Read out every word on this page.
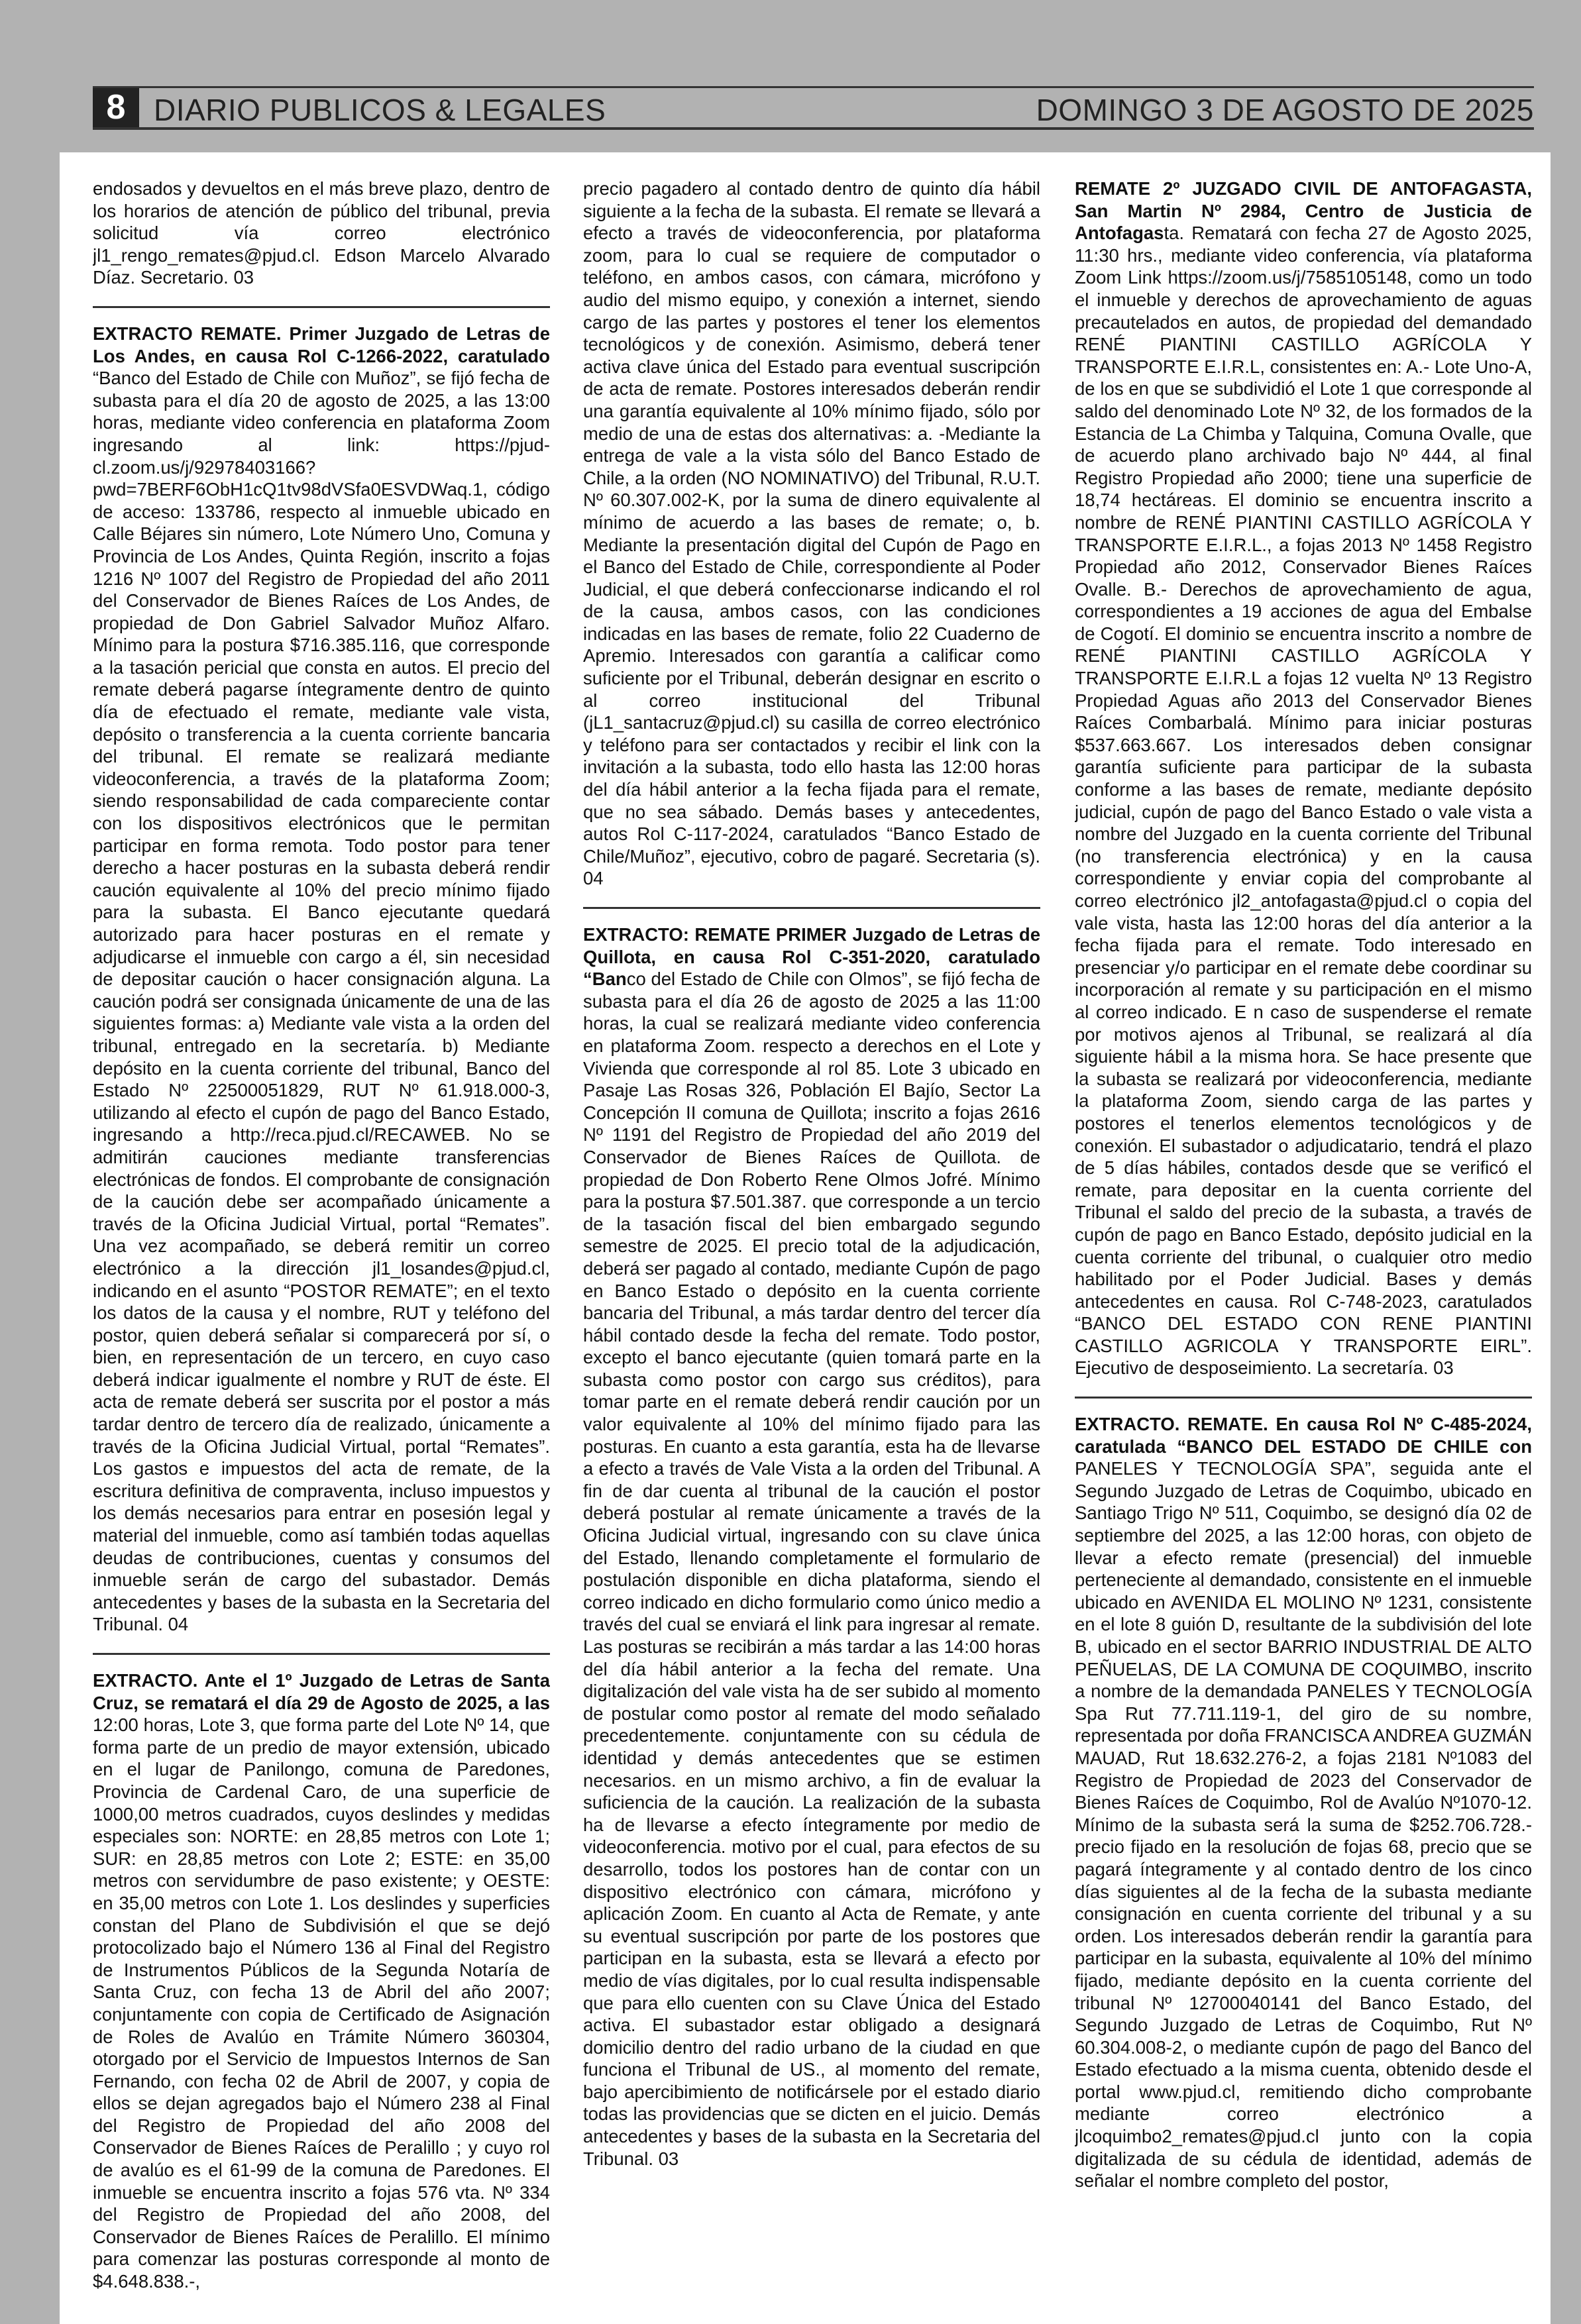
8 DIARIO PUBLICOS & LEGALES	DOMINGO 3 DE AGOSTO DE 2025

endosados y devueltos en el más breve plazo, dentro de los horarios de atención de público del tribunal, previa solicitud vía correo electrónico jl1_rengo_remates@pjud.cl. Edson Marcelo Alvarado Díaz. Secretario. 03

EXTRACTO REMATE. Primer Juzgado de Letras de Los Andes, en causa Rol C-1266-2022, caratulado “Banco del Estado de Chile con Muñoz”, se fijó fecha de subasta para el día 20 de agosto de 2025, a las 13:00 horas, mediante video conferencia en plataforma Zoom ingresando al link: https://pjud-cl.zoom.us/j/92978403166?pwd=7BERF6ObH1cQ1tv98dVSfa0ESVDWaq.1, código de acceso: 133786, respecto al inmueble ubicado en Calle Béjares sin número, Lote Número Uno, Comuna y Provincia de Los Andes, Quinta Región, inscrito a fojas 1216 Nº 1007 del Registro de Propiedad del año 2011 del Conservador de Bienes Raíces de Los Andes, de propiedad de Don Gabriel Salvador Muñoz Alfaro. Mínimo para la postura $716.385.116, que corresponde a la tasación pericial que consta en autos. El precio del remate deberá pagarse íntegramente dentro de quinto día de efectuado el remate, mediante vale vista, depósito o transferencia a la cuenta corriente bancaria del tribunal. El remate se realizará mediante videoconferencia, a través de la plataforma Zoom; siendo responsabilidad de cada compareciente contar con los dispositivos electrónicos que le permitan participar en forma remota. Todo postor para tener derecho a hacer posturas en la subasta deberá rendir caución equivalente al 10% del precio mínimo fijado para la subasta. El Banco ejecutante quedará autorizado para hacer posturas en el remate y adjudicarse el inmueble con cargo a él, sin necesidad de depositar caución o hacer consignación alguna. La caución podrá ser consignada únicamente de una de las siguientes formas: a) Mediante vale vista a la orden del tribunal, entregado en la secretaría. b) Mediante depósito en la cuenta corriente del tribunal, Banco del Estado Nº 22500051829, RUT Nº 61.918.000-3, utilizando al efecto el cupón de pago del Banco Estado, ingresando a http://reca.pjud.cl/RECAWEB. No se admitirán cauciones mediante transferencias electrónicas de fondos. El comprobante de consignación de la caución debe ser acompañado únicamente a través de la Oficina Judicial Virtual, portal “Remates”. Una vez acompañado, se deberá remitir un correo electrónico a la dirección jl1_losandes@pjud.cl, indicando en el asunto “POSTOR REMATE”; en el texto los datos de la causa y el nombre, RUT y teléfono del postor, quien deberá señalar si comparecerá por sí, o bien, en representación de un tercero, en cuyo caso deberá indicar igualmente el nombre y RUT de éste. El acta de remate deberá ser suscrita por el postor a más tardar dentro de tercero día de realizado, únicamente a través de la Oficina Judicial Virtual, portal “Remates”. Los gastos e impuestos del acta de remate, de la escritura definitiva de compraventa, incluso impuestos y los demás necesarios para entrar en posesión legal y material del inmueble, como así también todas aquellas deudas de contribuciones, cuentas y consumos del inmueble serán de cargo del subastador. Demás antecedentes y bases de la subasta en la Secretaria del Tribunal. 04

EXTRACTO. Ante el 1º Juzgado de Letras de Santa Cruz, se rematará el día 29 de Agosto de 2025, a las 12:00 horas, Lote 3, que forma parte del Lote Nº 14, que forma parte de un predio de mayor extensión, ubicado en el lugar de Panilongo, comuna de Paredones, Provincia de Cardenal Caro, de una superficie de 1000,00 metros cuadrados, cuyos deslindes y medidas especiales son: NORTE: en 28,85 metros con Lote 1; SUR: en 28,85 metros con Lote 2; ESTE: en 35,00 metros con servidumbre de paso existente; y OESTE: en 35,00 metros con Lote 1. Los deslindes y superficies constan del Plano de Subdivisión el que se dejó protocolizado bajo el Número 136 al Final del Registro de Instrumentos Públicos de la Segunda Notaría de Santa Cruz, con fecha 13 de Abril del año 2007; conjuntamente con copia de Certificado de Asignación de Roles de Avalúo en Trámite Número 360304, otorgado por el Servicio de Impuestos Internos de San Fernando, con fecha 02 de Abril de 2007, y copia de ellos se dejan agregados bajo el Número 238 al Final del Registro de Propiedad del año 2008 del Conservador de Bienes Raíces de Peralillo ; y cuyo rol de avalúo es el 61-99 de la comuna de Paredones. El inmueble se encuentra inscrito a fojas 576 vta. Nº 334 del Registro de Propiedad del año 2008, del Conservador de Bienes Raíces de Peralillo. El mínimo para comenzar las posturas corresponde al monto de $4.648.838.-,

precio pagadero al contado dentro de quinto día hábil siguiente a la fecha de la subasta. El remate se llevará a efecto a través de videoconferencia, por plataforma zoom, para lo cual se requiere de computador o teléfono, en ambos casos, con cámara, micrófono y audio del mismo equipo, y conexión a internet, siendo cargo de las partes y postores el tener los elementos tecnológicos y de conexión. Asimismo, deberá tener activa clave única del Estado para eventual suscripción de acta de remate. Postores interesados deberán rendir una garantía equivalente al 10% mínimo fijado, sólo por medio de una de estas dos alternativas: a. -Mediante la entrega de vale a la vista sólo del Banco Estado de Chile, a la orden (NO NOMINATIVO) del Tribunal, R.U.T. Nº 60.307.002-K, por la suma de dinero equivalente al mínimo de acuerdo a las bases de remate; o, b. Mediante la presentación digital del Cupón de Pago en el Banco del Estado de Chile, correspondiente al Poder Judicial, el que deberá confeccionarse indicando el rol de la causa, ambos casos, con las condiciones indicadas en las bases de remate, folio 22 Cuaderno de Apremio. Interesados con garantía a calificar como suficiente por el Tribunal, deberán designar en escrito o al correo institucional del Tribunal (jL1_santacruz@pjud.cl) su casilla de correo electrónico y teléfono para ser contactados y recibir el link con la invitación a la subasta, todo ello hasta las 12:00 horas del día hábil anterior a la fecha fijada para el remate, que no sea sábado. Demás bases y antecedentes, autos Rol C-117-2024, caratulados “Banco Estado de Chile/Muñoz”, ejecutivo, cobro de pagaré. Secretaria (s). 04

EXTRACTO: REMATE PRIMER Juzgado de Letras de Quillota, en causa Rol C-351-2020, caratulado “Banco del Estado de Chile con Olmos”, se fijó fecha de subasta para el día 26 de agosto de 2025 a las 11:00 horas, la cual se realizará mediante video conferencia en plataforma Zoom. respecto a derechos en el Lote y Vivienda que corresponde al rol 85. Lote 3 ubicado en Pasaje Las Rosas 326, Población El Bajío, Sector La Concepción II comuna de Quillota; inscrito a fojas 2616 Nº 1191 del Registro de Propiedad del año 2019 del Conservador de Bienes Raíces de Quillota. de propiedad de Don Roberto Rene Olmos Jofré. Mínimo para la postura $7.501.387. que corresponde a un tercio de la tasación fiscal del bien embargado segundo semestre de 2025. El precio total de la adjudicación, deberá ser pagado al contado, mediante Cupón de pago en Banco Estado o depósito en la cuenta corriente bancaria del Tribunal, a más tardar dentro del tercer día hábil contado desde la fecha del remate. Todo postor, excepto el banco ejecutante (quien tomará parte en la subasta como postor con cargo sus créditos), para tomar parte en el remate deberá rendir caución por un valor equivalente al 10% del mínimo fijado para las posturas. En cuanto a esta garantía, esta ha de llevarse a efecto a través de Vale Vista a la orden del Tribunal. A fin de dar cuenta al tribunal de la caución el postor deberá postular al remate únicamente a través de la Oficina Judicial virtual, ingresando con su clave única del Estado, llenando completamente el formulario de postulación disponible en dicha plataforma, siendo el correo indicado en dicho formulario como único medio a través del cual se enviará el link para ingresar al remate. Las posturas se recibirán a más tardar a las 14:00 horas del día hábil anterior a la fecha del remate. Una digitalización del vale vista ha de ser subido al momento de postular como postor al remate del modo señalado precedentemente. conjuntamente con su cédula de identidad y demás antecedentes que se estimen necesarios. en un mismo archivo, a fin de evaluar la suficiencia de la caución. La realización de la subasta ha de llevarse a efecto íntegramente por medio de videoconferencia. motivo por el cual, para efectos de su desarrollo, todos los postores han de contar con un dispositivo electrónico con cámara, micrófono y aplicación Zoom. En cuanto al Acta de Remate, y ante su eventual suscripción por parte de los postores que participan en la subasta, esta se llevará a efecto por medio de vías digitales, por lo cual resulta indispensable que para ello cuenten con su Clave Única del Estado activa. El subastador estar obligado a designará domicilio dentro del radio urbano de la ciudad en que funciona el Tribunal de US., al momento del remate, bajo apercibimiento de notificársele por el estado diario todas las providencias que se dicten en el juicio. Demás antecedentes y bases de la subasta en la Secretaria del Tribunal. 03

REMATE 2º JUZGADO CIVIL DE ANTOFAGASTA, San Martin Nº 2984, Centro de Justicia de Antofagasta. Rematará con fecha 27 de Agosto 2025, 11:30 hrs., mediante video conferencia, vía plataforma Zoom Link https://zoom.us/j/7585105148, como un todo el inmueble y derechos de aprovechamiento de aguas precautelados en autos, de propiedad del demandado RENÉ PIANTINI CASTILLO AGRÍCOLA Y TRANSPORTE E.I.R.L, consistentes en: A.- Lote Uno-A, de los en que se subdividió el Lote 1 que corresponde al saldo del denominado Lote Nº 32, de los formados de la Estancia de La Chimba y Talquina, Comuna Ovalle, que de acuerdo plano archivado bajo Nº 444, al final Registro Propiedad año 2000; tiene una superficie de 18,74 hectáreas. El dominio se encuentra inscrito a nombre de RENÉ PIANTINI CASTILLO AGRÍCOLA Y TRANSPORTE E.I.R.L., a fojas 2013 Nº 1458 Registro Propiedad año 2012, Conservador Bienes Raíces Ovalle. B.- Derechos de aprovechamiento de agua, correspondientes a 19 acciones de agua del Embalse de Cogotí. El dominio se encuentra inscrito a nombre de RENÉ PIANTINI CASTILLO AGRÍCOLA Y TRANSPORTE E.I.R.L a fojas 12 vuelta Nº 13 Registro Propiedad Aguas año 2013 del Conservador Bienes Raíces Combarbalá. Mínimo para iniciar posturas $537.663.667. Los interesados deben consignar garantía suficiente para participar de la subasta conforme a las bases de remate, mediante depósito judicial, cupón de pago del Banco Estado o vale vista a nombre del Juzgado en la cuenta corriente del Tribunal (no transferencia electrónica) y en la causa correspondiente y enviar copia del comprobante al correo electrónico jl2_antofagasta@pjud.cl o copia del vale vista, hasta las 12:00 horas del día anterior a la fecha fijada para el remate. Todo interesado en presenciar y/o participar en el remate debe coordinar su incorporación al remate y su participación en el mismo al correo indicado. E n caso de suspenderse el remate por motivos ajenos al Tribunal, se realizará al día siguiente hábil a la misma hora. Se hace presente que la subasta se realizará por videoconferencia, mediante la plataforma Zoom, siendo carga de las partes y postores el tenerlos elementos tecnológicos y de conexión. El subastador o adjudicatario, tendrá el plazo de 5 días hábiles, contados desde que se verificó el remate, para depositar en la cuenta corriente del Tribunal el saldo del precio de la subasta, a través de cupón de pago en Banco Estado, depósito judicial en la cuenta corriente del tribunal, o cualquier otro medio habilitado por el Poder Judicial. Bases y demás antecedentes en causa. Rol C-748-2023, caratulados “BANCO DEL ESTADO CON RENE PIANTINI CASTILLO AGRICOLA Y TRANSPORTE EIRL”. Ejecutivo de desposeimiento. La secretaría. 03

EXTRACTO. REMATE. En causa Rol Nº C-485-2024, caratulada “BANCO DEL ESTADO DE CHILE con PANELES Y TECNOLOGÍA SPA”, seguida ante el Segundo Juzgado de Letras de Coquimbo, ubicado en Santiago Trigo Nº 511, Coquimbo, se designó día 02 de septiembre del 2025, a las 12:00 horas, con objeto de llevar a efecto remate (presencial) del inmueble perteneciente al demandado, consistente en el inmueble ubicado en AVENIDA EL MOLINO Nº 1231, consistente en el lote 8 guión D, resultante de la subdivisión del lote B, ubicado en el sector BARRIO INDUSTRIAL DE ALTO PEÑUELAS, DE LA COMUNA DE COQUIMBO, inscrito a nombre de la demandada PANELES Y TECNOLOGÍA Spa Rut 77.711.119-1, del giro de su nombre, representada por doña FRANCISCA ANDREA GUZMÁN MAUAD, Rut 18.632.276-2, a fojas 2181 Nº1083 del Registro de Propiedad de 2023 del Conservador de Bienes Raíces de Coquimbo, Rol de Avalúo Nº1070-12. Mínimo de la subasta será la suma de $252.706.728.- precio fijado en la resolución de fojas 68, precio que se pagará íntegramente y al contado dentro de los cinco días siguientes al de la fecha de la subasta mediante consignación en cuenta corriente del tribunal y a su orden. Los interesados deberán rendir la garantía para participar en la subasta, equivalente al 10% del mínimo fijado, mediante depósito en la cuenta corriente del tribunal Nº 12700040141 del Banco Estado, del Segundo Juzgado de Letras de Coquimbo, Rut Nº 60.304.008-2, o mediante cupón de pago del Banco del Estado efectuado a la misma cuenta, obtenido desde el portal www.pjud.cl, remitiendo dicho comprobante mediante correo electrónico a jlcoquimbo2_remates@pjud.cl junto con la copia digitalizada de su cédula de identidad, además de señalar el nombre completo del postor,
